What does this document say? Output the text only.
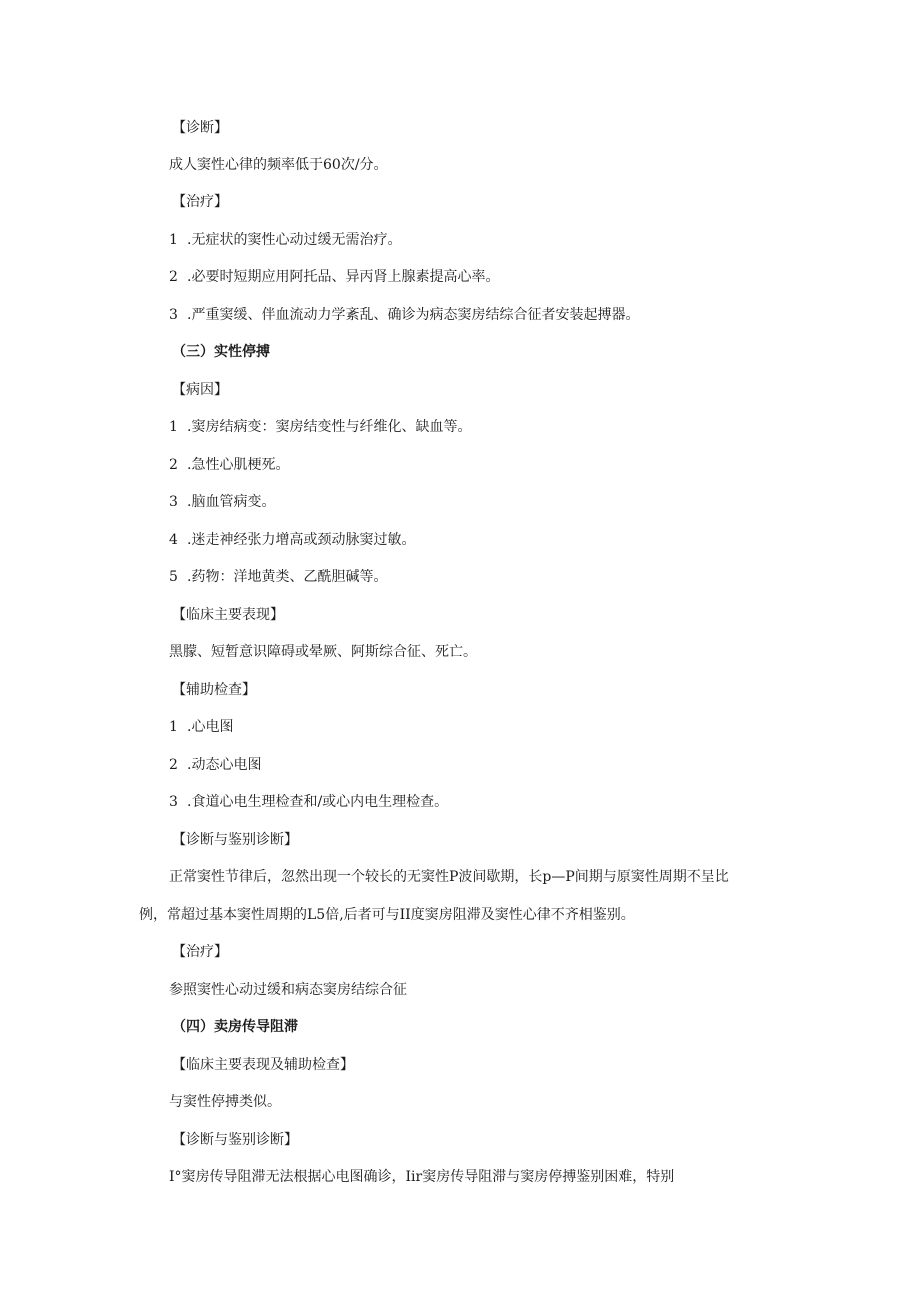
【诊断】
成人窦性心律的频率低于60次/分。
【治疗】
1 .无症状的窦性心动过缓无需治疗。
2 .必要时短期应用阿托品、异丙肾上腺素提高心率。
3 .严重窦缓、伴血流动力学紊乱、确诊为病态窦房结综合征者安装起搏器。
（三）实性停搏
【病因】
1 .窦房结病变：窦房结变性与纤维化、缺血等。
2 .急性心肌梗死。
3 .脑血管病变。
4 .迷走神经张力增高或颈动脉窦过敏。
5 .药物：洋地黄类、乙酰胆碱等。
【临床主要表现】
黑朦、短暂意识障碍或晕厥、阿斯综合征、死亡。
【辅助检查】
1 .心电图
2 .动态心电图
3 .食道心电生理检查和/或心内电生理检查。
【诊断与鉴别诊断】
正常窦性节律后，忽然出现一个较长的无窦性P波间歇期，长p—P间期与原窦性周期不呈比
例，常超过基本窦性周期的L5倍,后者可与II度窦房阻滞及窦性心律不齐相鉴别。
【治疗】
参照窦性心动过缓和病态窦房结综合征
（四）卖房传导阻滞
【临床主要表现及辅助检查】
与窦性停搏类似。
【诊断与鉴别诊断】
I°窦房传导阻滞无法根据心电图确诊，Iir窦房传导阻滞与窦房停搏鉴别困难，特别
